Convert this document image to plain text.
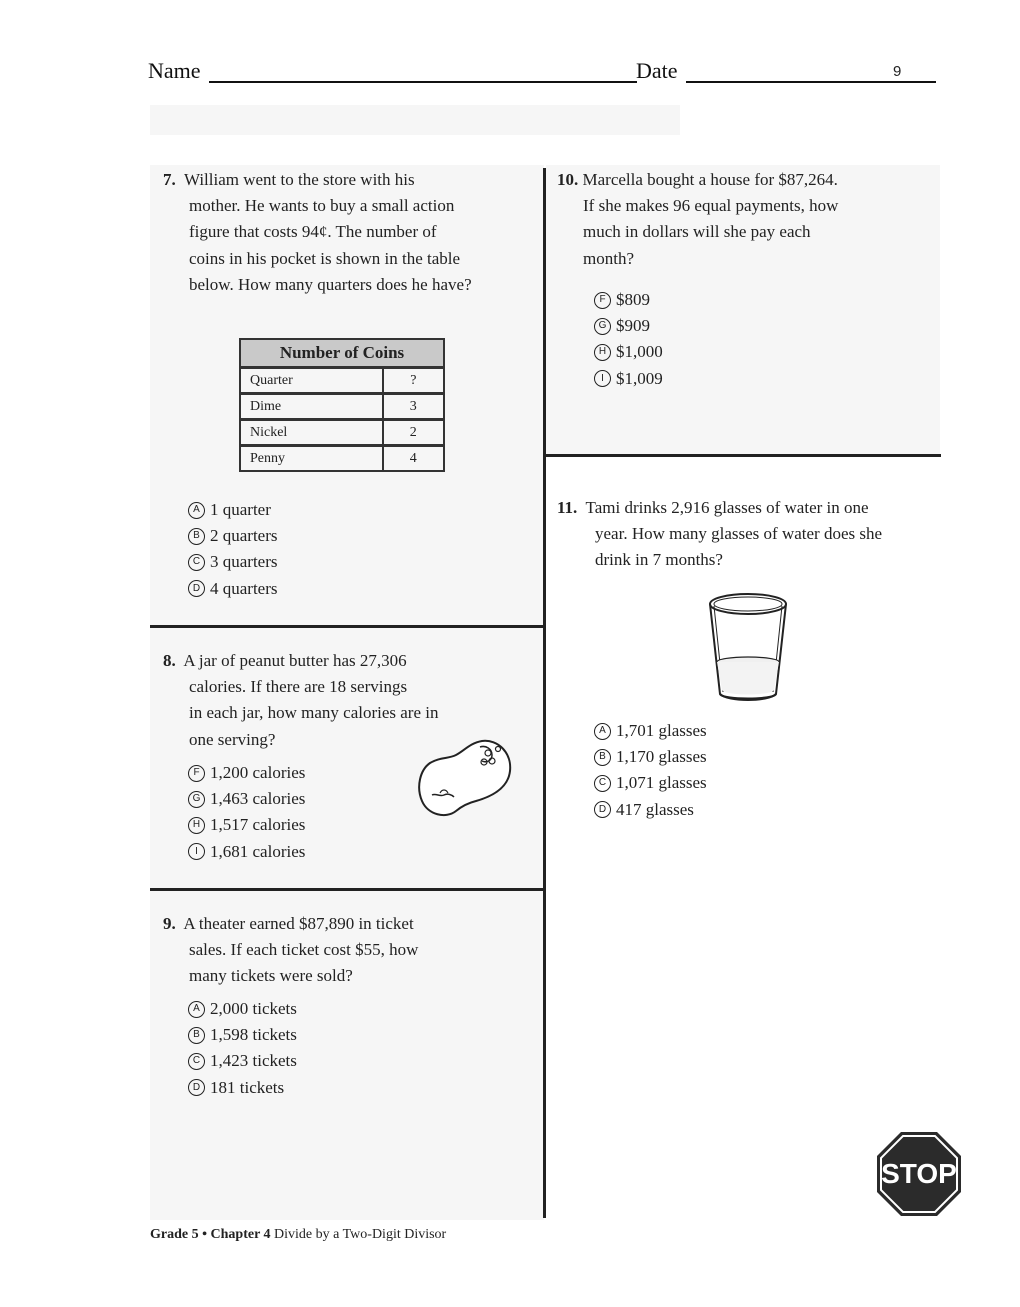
Name	Date	9
7. William went to the store with his
mother. He wants to buy a small action
figure that costs 94¢. The number of
coins in his pocket is shown in the table
below. How many quarters does he have?
Number of Coins	
Quarter	?
Dime	3
Nickel	2
Penny	4
A 1 quarter
B 2 quarters
C 3 quarters
D 4 quarters
8. A jar of peanut butter has 27,306
calories. If there are 18 servings
in each jar, how many calories are in
one serving?
F 1,200 calories
G 1,463 calories
H 1,517 calories
I 1,681 calories
9. A theater earned $87,890 in ticket
sales. If each ticket cost $55, how
many tickets were sold?
A 2,000 tickets
B 1,598 tickets
C 1,423 tickets
D 181 tickets
10. Marcella bought a house for $87,264.
If she makes 96 equal payments, how
much in dollars will she pay each
month?
F $809
G $909
H $1,000
I $1,009
11. Tami drinks 2,916 glasses of water in one
year. How many glasses of water does she
drink in 7 months?
A 1,701 glasses
B 1,170 glasses
C 1,071 glasses
D 417 glasses
STOP
Grade 5 • Chapter 4 Divide by a Two-Digit Divisor
